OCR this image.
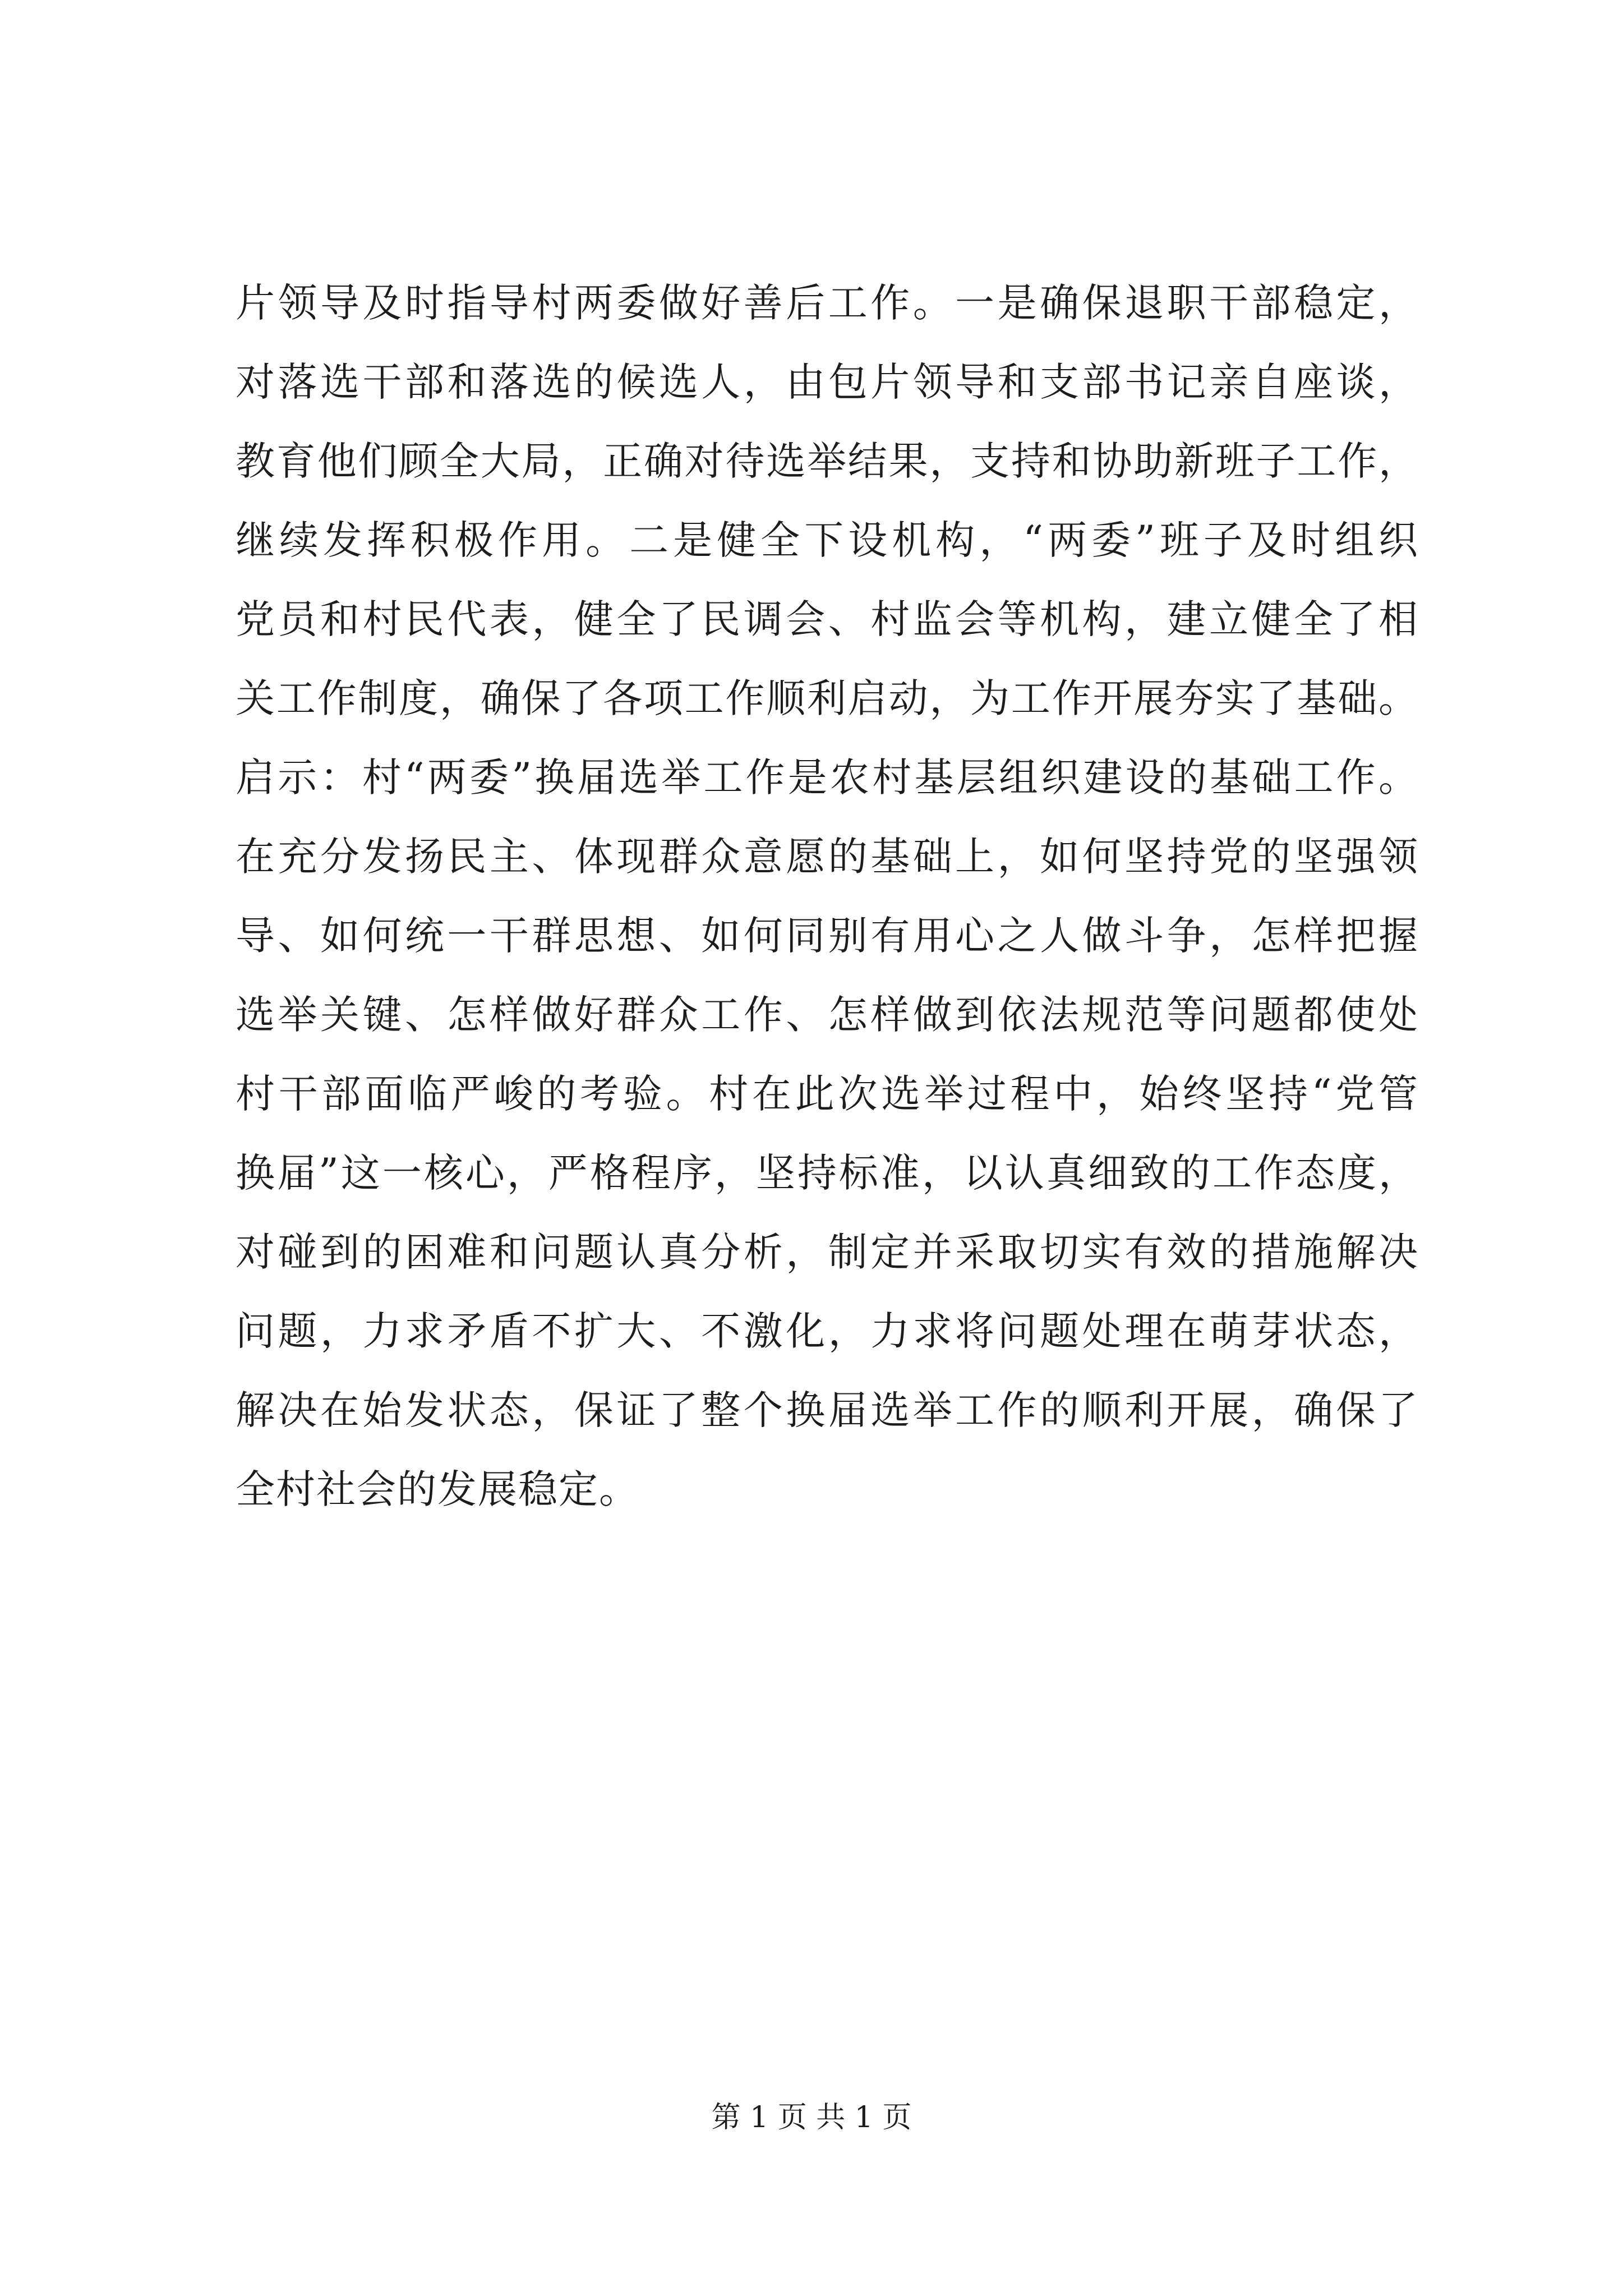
片领导及时指导村两委做好善后工作。一是确保退职干部稳定，
对落选干部和落选的候选人，由包片领导和支部书记亲自座谈，
教育他们顾全大局，正确对待选举结果，支持和协助新班子工作，
继续发挥积极作用。二是健全下设机构，“两委”班子及时组织
党员和村民代表，健全了民调会、村监会等机构，建立健全了相
关工作制度，确保了各项工作顺利启动，为工作开展夯实了基础。
启示：村“两委”换届选举工作是农村基层组织建设的基础工作。
在充分发扬民主、体现群众意愿的基础上，如何坚持党的坚强领
导、如何统一干群思想、如何同别有用心之人做斗争，怎样把握
选举关键、怎样做好群众工作、怎样做到依法规范等问题都使处
村干部面临严峻的考验。村在此次选举过程中，始终坚持“党管
换届”这一核心，严格程序，坚持标准，以认真细致的工作态度，
对碰到的困难和问题认真分析，制定并采取切实有效的措施解决
问题，力求矛盾不扩大、不激化，力求将问题处理在萌芽状态，
解决在始发状态，保证了整个换届选举工作的顺利开展，确保了
全村社会的发展稳定。
第 1 页 共 1 页
